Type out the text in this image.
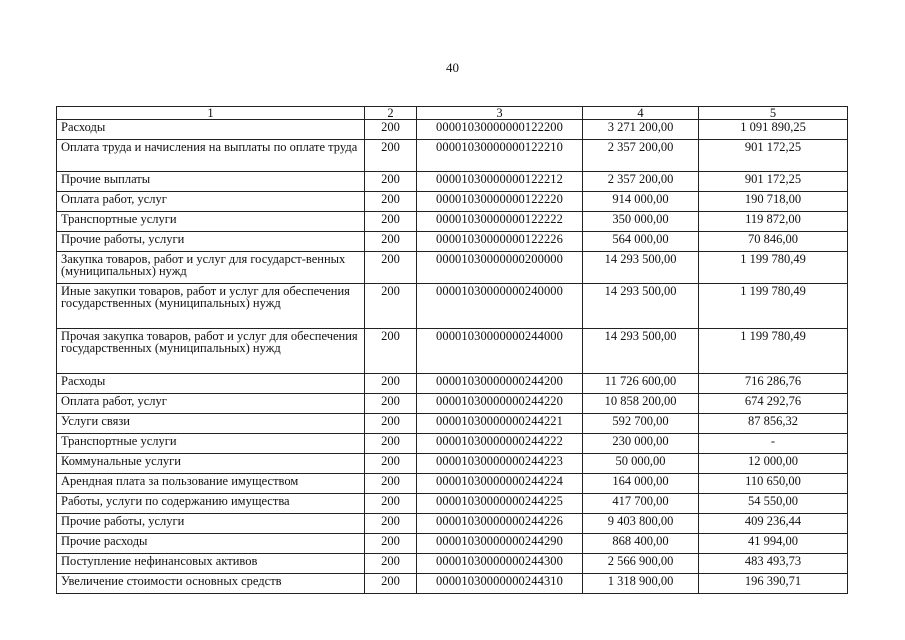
40
1	2	3	4	5
Расходы	200	00001030000000122200	3 271 200,00	1 091 890,25
Оплата труда и начисления на выплаты по оплате труда	200	00001030000000122210	2 357 200,00	901 172,25
Прочие выплаты	200	00001030000000122212	2 357 200,00	901 172,25
Оплата работ, услуг	200	00001030000000122220	914 000,00	190 718,00
Транспортные услуги	200	00001030000000122222	350 000,00	119 872,00
Прочие работы, услуги	200	00001030000000122226	564 000,00	70 846,00
Закупка товаров, работ и услуг для государст-венных (муниципальных) нужд	200	00001030000000200000	14 293 500,00	1 199 780,49
Иные закупки товаров, работ и услуг для обеспечения государственных (муниципальных) нужд	200	00001030000000240000	14 293 500,00	1 199 780,49
Прочая закупка товаров, работ и услуг для обеспечения государственных (муниципальных) нужд	200	00001030000000244000	14 293 500,00	1 199 780,49
Расходы	200	00001030000000244200	11 726 600,00	716 286,76
Оплата работ, услуг	200	00001030000000244220	10 858 200,00	674 292,76
Услуги связи	200	00001030000000244221	592 700,00	87 856,32
Транспортные услуги	200	00001030000000244222	230 000,00	-
Коммунальные услуги	200	00001030000000244223	50 000,00	12 000,00
Арендная плата за пользование имуществом	200	00001030000000244224	164 000,00	110 650,00
Работы, услуги по содержанию имущества	200	00001030000000244225	417 700,00	54 550,00
Прочие работы, услуги	200	00001030000000244226	9 403 800,00	409 236,44
Прочие расходы	200	00001030000000244290	868 400,00	41 994,00
Поступление нефинансовых активов	200	00001030000000244300	2 566 900,00	483 493,73
Увеличение стоимости основных средств	200	00001030000000244310	1 318 900,00	196 390,71
